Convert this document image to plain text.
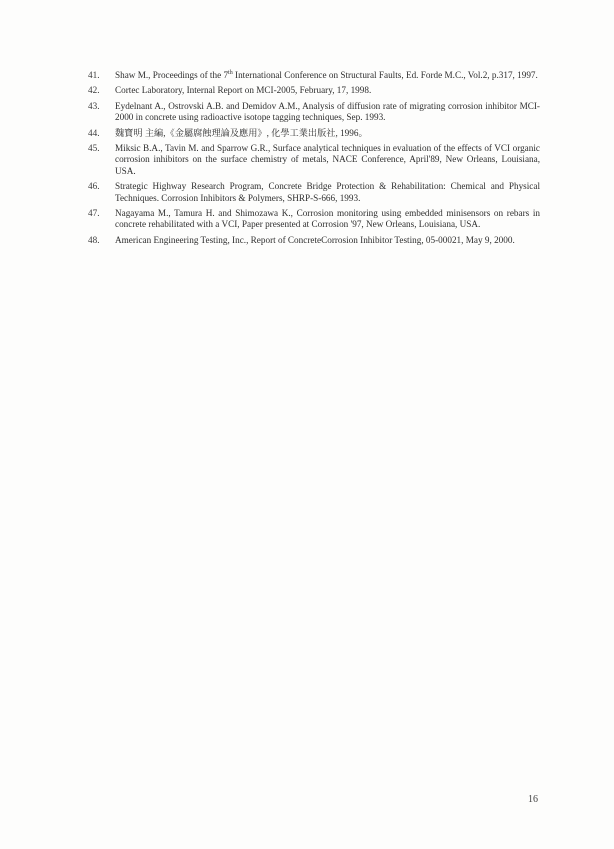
41.	Shaw M., Proceedings of the 7th International Conference on Structural Faults, Ed. Forde M.C., Vol.2, p.317, 1997.
42.	Cortec Laboratory, Internal Report on MCI-2005, February, 17, 1998.
43.	Eydelnant A., Ostrovski A.B. and Demidov A.M., Analysis of diffusion rate of migrating corrosion inhibitor MCI-2000 in concrete using radioactive isotope tagging techniques, Sep. 1993.
44.	魏寶明 主編,《金屬腐蝕理論及應用》, 化學工業出版社, 1996。
45.	Miksic B.A., Tavin M. and Sparrow G.R., Surface analytical techniques in evaluation of the effects of VCI organic corrosion inhibitors on the surface chemistry of metals, NACE Conference, April'89, New Orleans, Louisiana, USA.
46.	Strategic Highway Research Program, Concrete Bridge Protection & Rehabilitation: Chemical and Physical Techniques. Corrosion Inhibitors & Polymers, SHRP-S-666, 1993.
47.	Nagayama M., Tamura H. and Shimozawa K., Corrosion monitoring using embedded minisensors on rebars in concrete rehabilitated with a VCI, Paper presented at Corrosion '97, New Orleans, Louisiana, USA.
48.	American Engineering Testing, Inc., Report of ConcreteCorrosion Inhibitor Testing, 05-00021, May 9, 2000.
16
